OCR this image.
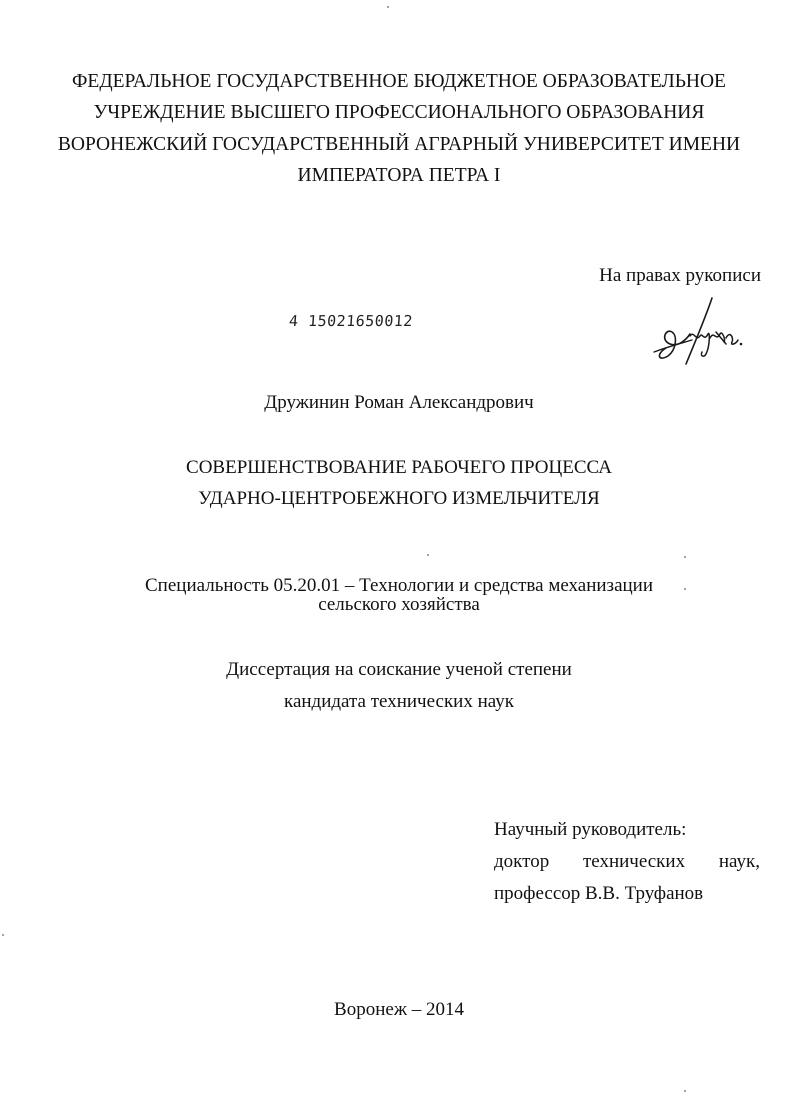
ФЕДЕРАЛЬНОЕ ГОСУДАРСТВЕННОЕ БЮДЖЕТНОЕ ОБРАЗОВАТЕЛЬНОЕ
УЧРЕЖДЕНИЕ ВЫСШЕГО ПРОФЕССИОНАЛЬНОГО ОБРАЗОВАНИЯ
ВОРОНЕЖСКИЙ ГОСУДАРСТВЕННЫЙ АГРАРНЫЙ УНИВЕРСИТЕТ ИМЕНИ
ИМПЕРАТОРА ПЕТРА I
На правах рукописи
4 15021650012
Дружинин Роман Александрович
СОВЕРШЕНСТВОВАНИЕ РАБОЧЕГО ПРОЦЕССА
УДАРНО-ЦЕНТРОБЕЖНОГО ИЗМЕЛЬЧИТЕЛЯ
Специальность 05.20.01 – Технологии и средства механизации
сельского хозяйства
Диссертация на соискание ученой степени
кандидата технических наук
Научный руководитель:
доктор технических наук,
профессор В.В. Труфанов
Воронеж – 2014
